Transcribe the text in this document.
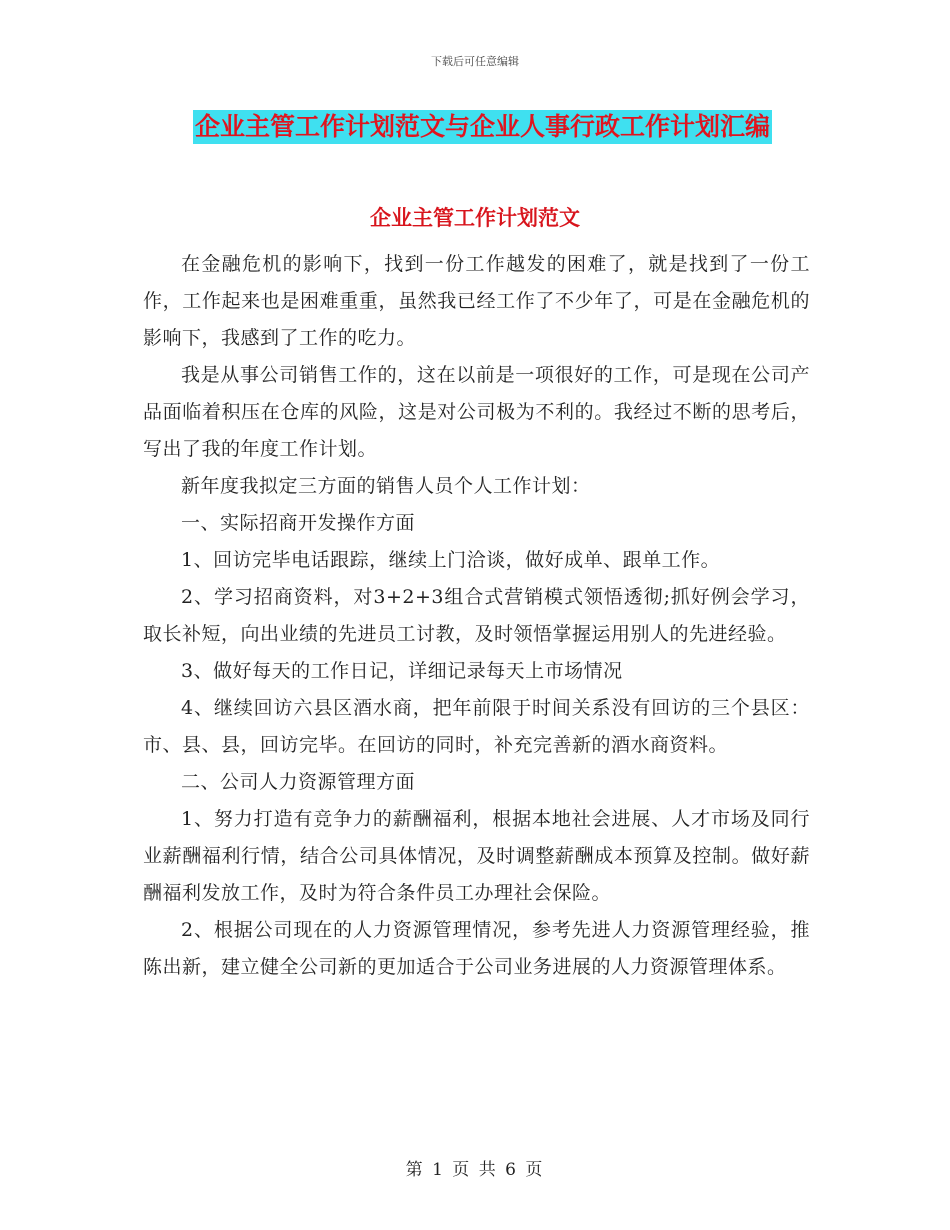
下载后可任意编辑
企业主管工作计划范文与企业人事行政工作计划汇编
企业主管工作计划范文

在金融危机的影响下，找到一份工作越发的困难了，就是找到了一份工作，工作起来也是困难重重，虽然我已经工作了不少年了，可是在金融危机的影响下，我感到了工作的吃力。

我是从事公司销售工作的，这在以前是一项很好的工作，可是现在公司产品面临着积压在仓库的风险，这是对公司极为不利的。我经过不断的思考后，写出了我的年度工作计划。

新年度我拟定三方面的销售人员个人工作计划：

一、实际招商开发操作方面

1、回访完毕电话跟踪，继续上门洽谈，做好成单、跟单工作。

2、学习招商资料，对3+2+3组合式营销模式领悟透彻;抓好例会学习，取长补短，向出业绩的先进员工讨教，及时领悟掌握运用别人的先进经验。

3、做好每天的工作日记，详细记录每天上市场情况

4、继续回访六县区酒水商，把年前限于时间关系没有回访的三个县区：市、县、县，回访完毕。在回访的同时，补充完善新的酒水商资料。

二、公司人力资源管理方面

1、努力打造有竞争力的薪酬福利，根据本地社会进展、人才市场及同行业薪酬福利行情，结合公司具体情况，及时调整薪酬成本预算及控制。做好薪酬福利发放工作，及时为符合条件员工办理社会保险。

2、根据公司现在的人力资源管理情况，参考先进人力资源管理经验，推陈出新，建立健全公司新的更加适合于公司业务进展的人力资源管理体系。

第 1 页 共 6 页
